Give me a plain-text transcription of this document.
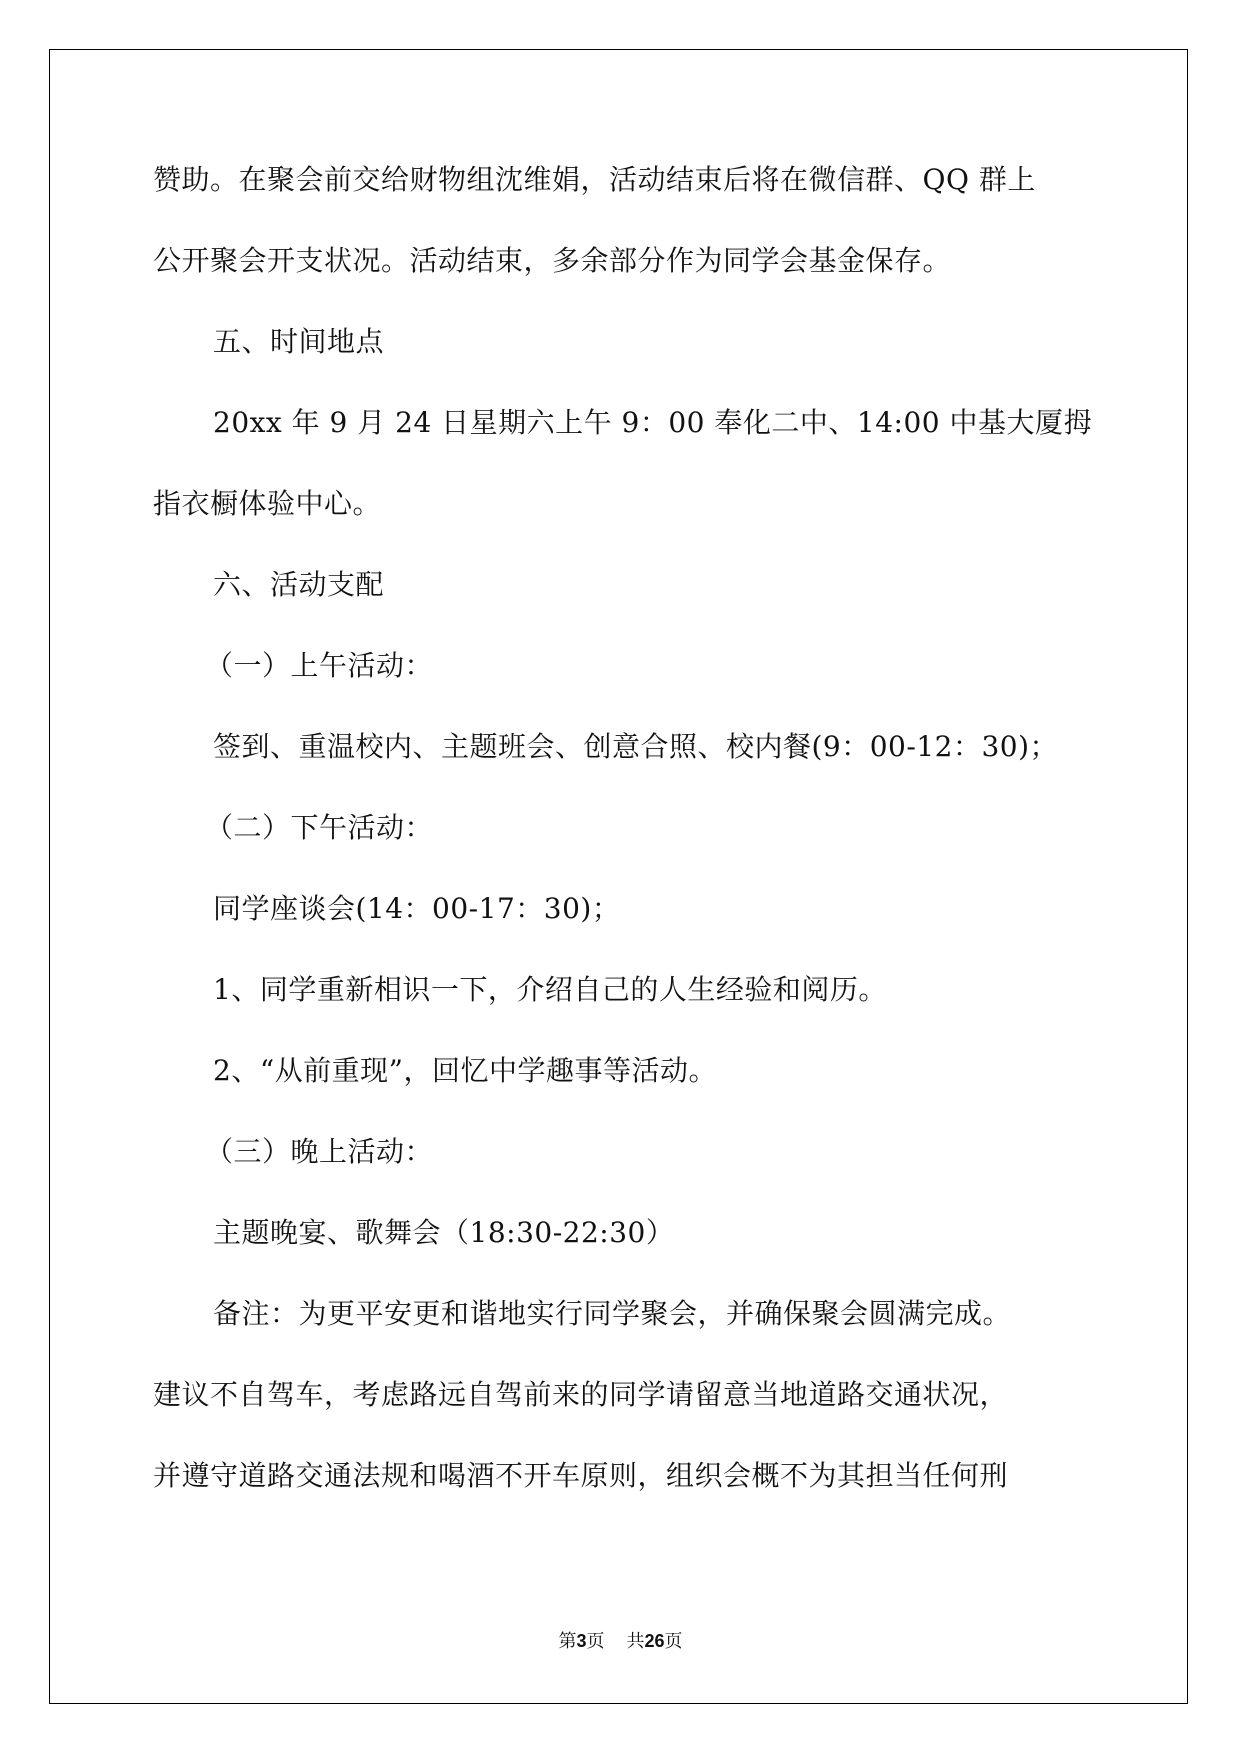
赞助。在聚会前交给财物组沈维娟，活动结束后将在微信群、QQ 群上
公开聚会开支状况。活动结束，多余部分作为同学会基金保存。
五、时间地点
20xx 年 9 月 24 日星期六上午 9：00 奉化二中、14:00 中基大厦拇
指衣橱体验中心。
六、活动支配
（一）上午活动：
签到、重温校内、主题班会、创意合照、校内餐(9：00-12：30)；
（二）下午活动：
同学座谈会(14：00-17：30)；
1、同学重新相识一下，介绍自己的人生经验和阅历。
2、“从前重现”，回忆中学趣事等活动。
（三）晚上活动：
主题晚宴、歌舞会（18:30-22:30）
备注：为更平安更和谐地实行同学聚会，并确保聚会圆满完成。
建议不自驾车，考虑路远自驾前来的同学请留意当地道路交通状况，
并遵守道路交通法规和喝酒不开车原则，组织会概不为其担当任何刑
第3页 共26页
